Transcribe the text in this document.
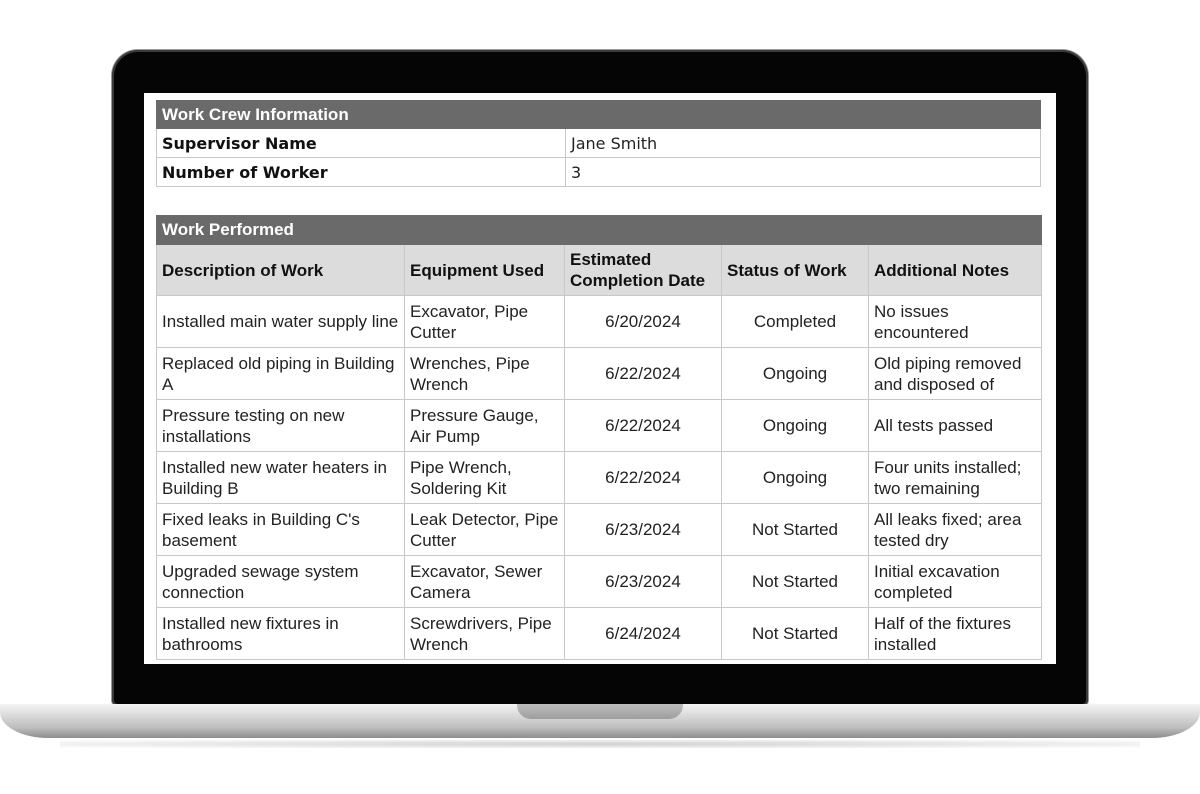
Work Crew Information	
Supervisor Name	Jane Smith
Number of Worker	3
Work Performed				
Description of Work	Equipment Used	Estimated Completion Date	Status of Work	Additional Notes
Installed main water supply line	Excavator, Pipe Cutter	6/20/2024	Completed	No issues encountered
Replaced old piping in Building A	Wrenches, Pipe Wrench	6/22/2024	Ongoing	Old piping removed and disposed of
Pressure testing on new installations	Pressure Gauge, Air Pump	6/22/2024	Ongoing	All tests passed
Installed new water heaters in Building B	Pipe Wrench, Soldering Kit	6/22/2024	Ongoing	Four units installed; two remaining
Fixed leaks in Building C's basement	Leak Detector, Pipe Cutter	6/23/2024	Not Started	All leaks fixed; area tested dry
Upgraded sewage system connection	Excavator, Sewer Camera	6/23/2024	Not Started	Initial excavation completed
Installed new fixtures in bathrooms	Screwdrivers, Pipe Wrench	6/24/2024	Not Started	Half of the fixtures installed
